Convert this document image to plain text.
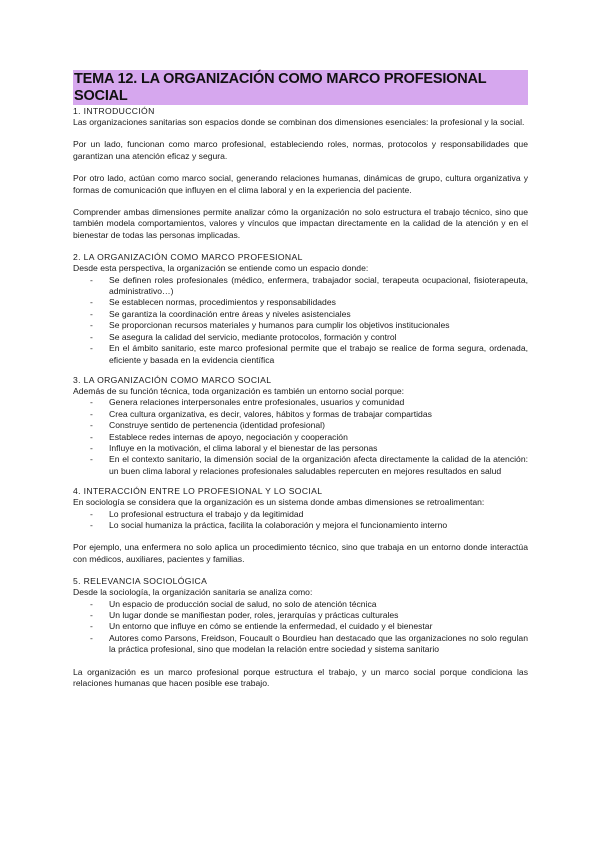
TEMA 12. LA ORGANIZACIÓN COMO MARCO PROFESIONAL SOCIAL
1. INTRODUCCIÓN

Las organizaciones sanitarias son espacios donde se combinan dos dimensiones esenciales: la profesional y la social.

Por un lado, funcionan como marco profesional, estableciendo roles, normas, protocolos y responsabilidades que garantizan una atención eficaz y segura.

Por otro lado, actúan como marco social, generando relaciones humanas, dinámicas de grupo, cultura organizativa y formas de comunicación que influyen en el clima laboral y en la experiencia del paciente.

Comprender ambas dimensiones permite analizar cómo la organización no solo estructura el trabajo técnico, sino que también modela comportamientos, valores y vínculos que impactan directamente en la calidad de la atención y en el bienestar de todas las personas implicadas.

2. LA ORGANIZACIÓN COMO MARCO PROFESIONAL

Desde esta perspectiva, la organización se entiende como un espacio donde:

- Se definen roles profesionales (médico, enfermera, trabajador social, terapeuta ocupacional, fisioterapeuta, administrativo…)
- Se establecen normas, procedimientos y responsabilidades
- Se garantiza la coordinación entre áreas y niveles asistenciales
- Se proporcionan recursos materiales y humanos para cumplir los objetivos institucionales
- Se asegura la calidad del servicio, mediante protocolos, formación y control
- En el ámbito sanitario, este marco profesional permite que el trabajo se realice de forma segura, ordenada, eficiente y basada en la evidencia científica
3. LA ORGANIZACIÓN COMO MARCO SOCIAL

Además de su función técnica, toda organización es también un entorno social porque:

- Genera relaciones interpersonales entre profesionales, usuarios y comunidad
- Crea cultura organizativa, es decir, valores, hábitos y formas de trabajar compartidas
- Construye sentido de pertenencia (identidad profesional)
- Establece redes internas de apoyo, negociación y cooperación
- Influye en la motivación, el clima laboral y el bienestar de las personas
- En el contexto sanitario, la dimensión social de la organización afecta directamente la calidad de la atención: un buen clima laboral y relaciones profesionales saludables repercuten en mejores resultados en salud
4. INTERACCIÓN ENTRE LO PROFESIONAL Y LO SOCIAL

En sociología se considera que la organización es un sistema donde ambas dimensiones se retroalimentan:

- Lo profesional estructura el trabajo y da legitimidad
- Lo social humaniza la práctica, facilita la colaboración y mejora el funcionamiento interno

Por ejemplo, una enfermera no solo aplica un procedimiento técnico, sino que trabaja en un entorno donde interactúa con médicos, auxiliares, pacientes y familias.

5. RELEVANCIA SOCIOLÓGICA

Desde la sociología, la organización sanitaria se analiza como:

- Un espacio de producción social de salud, no solo de atención técnica
- Un lugar donde se manifiestan poder, roles, jerarquías y prácticas culturales
- Un entorno que influye en cómo se entiende la enfermedad, el cuidado y el bienestar
- Autores como Parsons, Freidson, Foucault o Bourdieu han destacado que las organizaciones no solo regulan la práctica profesional, sino que modelan la relación entre sociedad y sistema sanitario

La organización es un marco profesional porque estructura el trabajo, y un marco social porque condiciona las relaciones humanas que hacen posible ese trabajo.
